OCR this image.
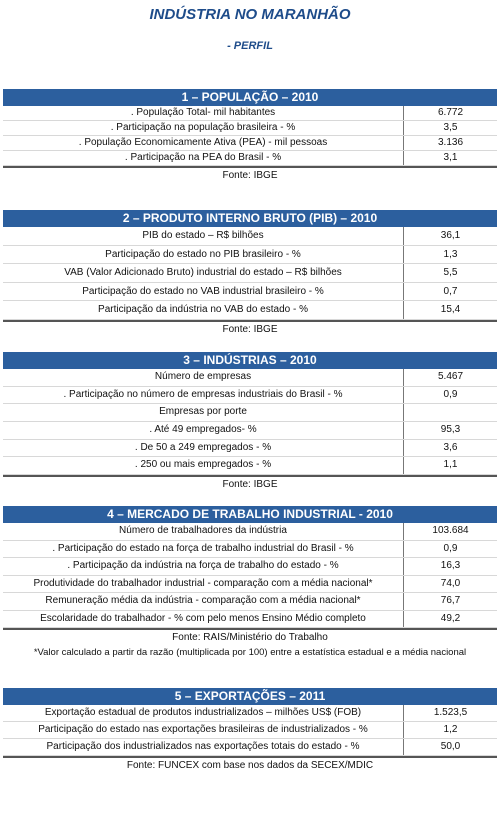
INDÚSTRIA NO MARANHÃO
- PERFIL
1 – POPULAÇÃO – 2010
. População Total- mil habitantes	6.772
. Participação na população brasileira - %	3,5
. População Economicamente Ativa (PEA) - mil pessoas	3.136
. Participação na PEA do Brasil - %	3,1
Fonte: IBGE
2 – PRODUTO INTERNO BRUTO (PIB) – 2010
PIB do estado – R$ bilhões	36,1
Participação do estado no PIB brasileiro - %	1,3
VAB (Valor Adicionado Bruto) industrial do estado – R$ bilhões	5,5
Participação do estado no VAB industrial brasileiro - %	0,7
Participação da indústria no VAB do estado - %	15,4
Fonte: IBGE
3 – INDÚSTRIAS – 2010
Número de empresas	5.467
. Participação no número de empresas industriais do Brasil - %	0,9
Empresas por porte
. Até 49 empregados- %	95,3
. De 50 a 249 empregados - %	3,6
. 250 ou mais empregados - %	1,1
Fonte: IBGE
4 – MERCADO DE TRABALHO INDUSTRIAL - 2010
Número de trabalhadores da indústria	103.684
. Participação do estado na força de trabalho industrial do Brasil - %	0,9
. Participação da indústria na força de trabalho do estado - %	16,3
Produtividade do trabalhador industrial - comparação com a média nacional*	74,0
Remuneração média da indústria - comparação com a média nacional*	76,7
Escolaridade do trabalhador - % com pelo menos Ensino Médio completo	49,2
Fonte: RAIS/Ministério do Trabalho
*Valor calculado a partir da razão (multiplicada por 100) entre a estatística estadual e a média nacional
5 – EXPORTAÇÕES – 2011
Exportação estadual de produtos industrializados – milhões US$ (FOB)	1.523,5
Participação do estado nas exportações brasileiras de industrializados - %	1,2
Participação dos industrializados nas exportações totais do estado - %	50,0
Fonte: FUNCEX com base nos dados da SECEX/MDIC
